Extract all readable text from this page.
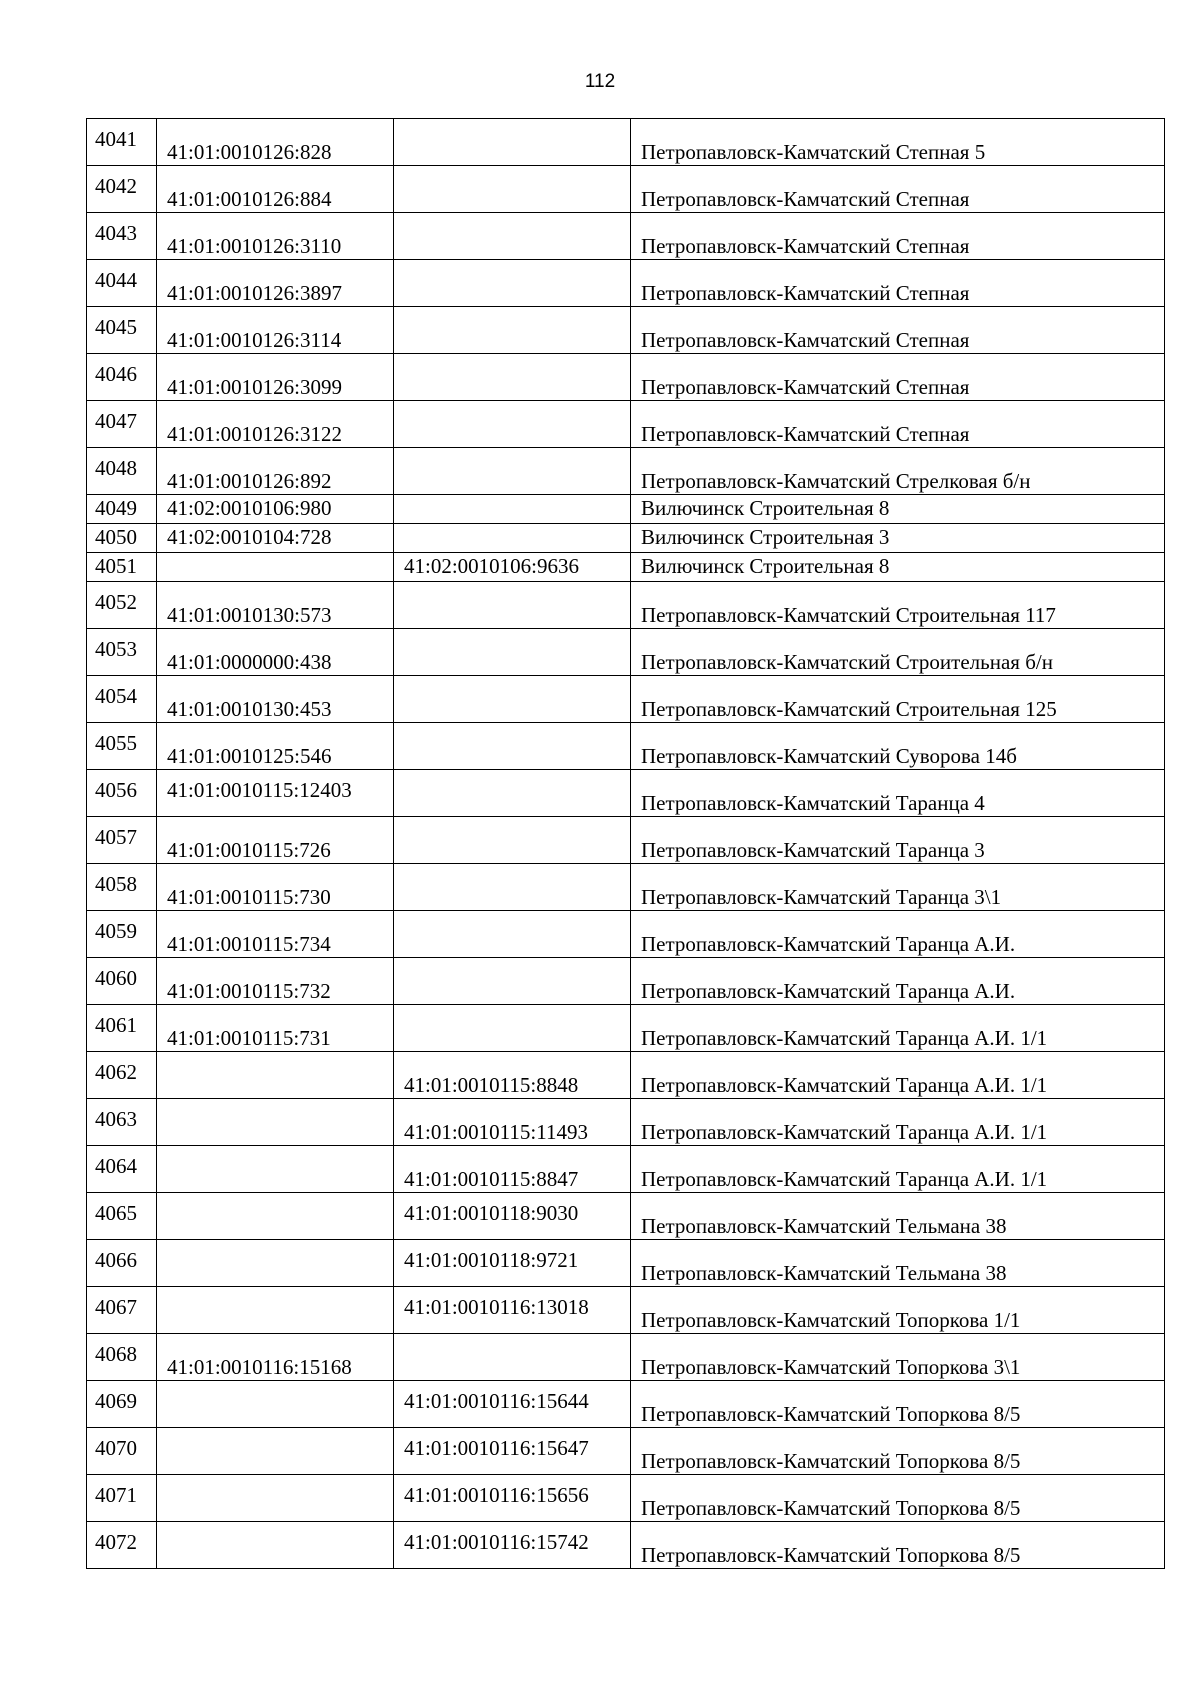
112
4041	41:01:0010126:828		Петропавловск-Камчатский Степная 5

4042	41:01:0010126:884		Петропавловск-Камчатский Степная

4043	41:01:0010126:3110		Петропавловск-Камчатский Степная

4044	41:01:0010126:3897		Петропавловск-Камчатский Степная

4045	41:01:0010126:3114		Петропавловск-Камчатский Степная

4046	41:01:0010126:3099		Петропавловск-Камчатский Степная

4047	41:01:0010126:3122		Петропавловск-Камчатский Степная

4048	41:01:0010126:892		Петропавловск-Камчатский Стрелковая б/н

4049	41:02:0010106:980		Вилючинск Строительная 8

4050	41:02:0010104:728		Вилючинск Строительная 3

4051		41:02:0010106:9636	Вилючинск Строительная 8

4052	41:01:0010130:573		Петропавловск-Камчатский Строительная 117

4053	41:01:0000000:438		Петропавловск-Камчатский Строительная б/н

4054	41:01:0010130:453		Петропавловск-Камчатский Строительная 125

4055	41:01:0010125:546		Петропавловск-Камчатский Суворова 14б

4056	41:01:0010115:12403		Петропавловск-Камчатский Таранца 4

4057	41:01:0010115:726		Петропавловск-Камчатский Таранца 3

4058	41:01:0010115:730		Петропавловск-Камчатский Таранца 3\1

4059	41:01:0010115:734		Петропавловск-Камчатский Таранца А.И.

4060	41:01:0010115:732		Петропавловск-Камчатский Таранца А.И.

4061	41:01:0010115:731		Петропавловск-Камчатский Таранца А.И. 1/1

4062		41:01:0010115:8848	Петропавловск-Камчатский Таранца А.И. 1/1

4063		41:01:0010115:11493	Петропавловск-Камчатский Таранца А.И. 1/1

4064		41:01:0010115:8847	Петропавловск-Камчатский Таранца А.И. 1/1

4065		41:01:0010118:9030	Петропавловск-Камчатский Тельмана 38

4066		41:01:0010118:9721	Петропавловск-Камчатский Тельмана 38

4067		41:01:0010116:13018	Петропавловск-Камчатский Топоркова 1/1

4068	41:01:0010116:15168		Петропавловск-Камчатский Топоркова 3\1

4069		41:01:0010116:15644	Петропавловск-Камчатский Топоркова 8/5

4070		41:01:0010116:15647	Петропавловск-Камчатский Топоркова 8/5

4071		41:01:0010116:15656	Петропавловск-Камчатский Топоркова 8/5

4072		41:01:0010116:15742	Петропавловск-Камчатский Топоркова 8/5
